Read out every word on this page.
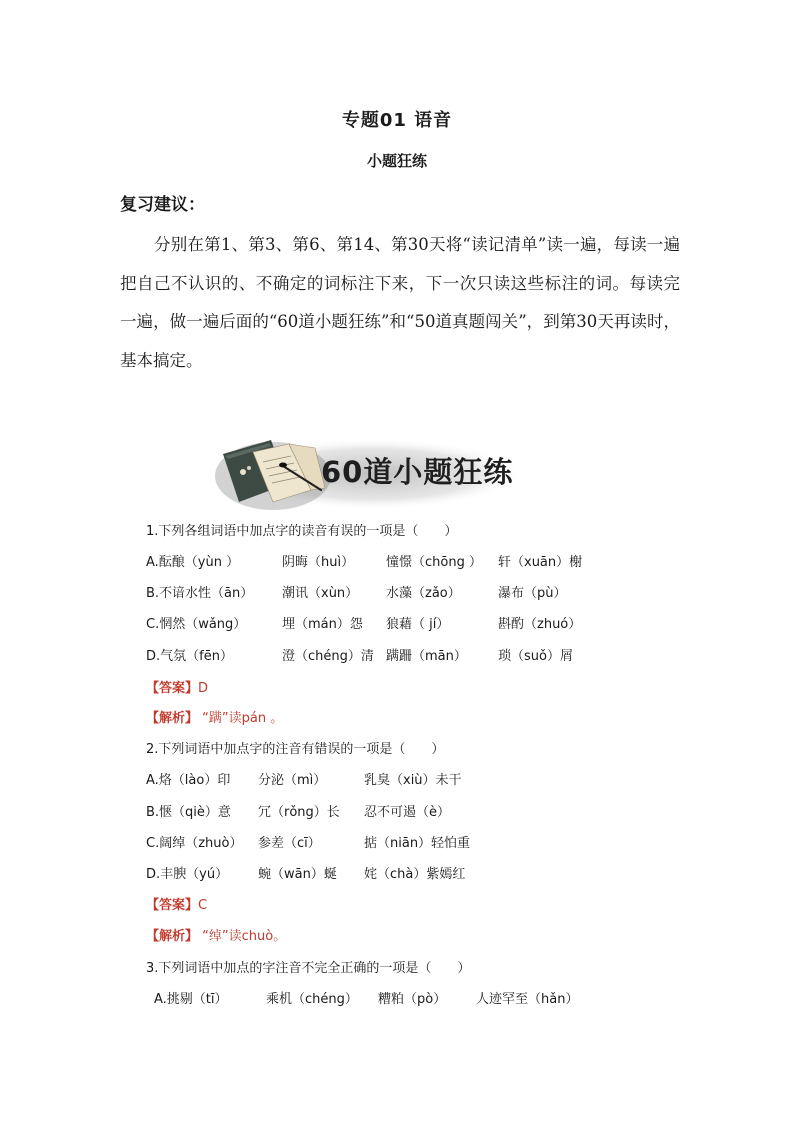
专题01 语音
小题狂练
复习建议：
分别在第1、第3、第6、第14、第30天将“读记清单”读一遍，每读一遍把自己不认识的、不确定的词标注下来，下一次只读这些标注的词。每读完一遍，做一遍后面的“60道小题狂练”和“50道真题闯关”，到第30天再读时，基本搞定。
60道小题狂练
1.下列各组词语中加点字的读音有误的一项是（　　）
A.酝酿（yùn ）	阴晦（huì） 憧憬（chōng ） 轩（xuān）榭
B.不谙水性（ān） 潮讯（xùn） 水藻（zǎo）	瀑布（pù）
C.惘然（wǎng）	埋（mán）怨 狼藉（ jí）	斟酌（zhuó）
D.气氛（fēn）	澄（chéng）清 蹒跚（mān） 琐（suǒ）屑
【答案】D
【解析】 “蹒”读pán 。
2.下列词语中加点字的注音有错误的一项是（　　）
A.烙（lào）印 分泌（mì）	乳臭（xiù）未干
B.惬（qiè）意 冗（rǒng）长 忍不可遏（è）
C.阔绰（zhuò） 参差（cī）	掂（niān）轻怕重
D.丰腴（yú） 蜿（wān）蜒 姹（chà）紫嫣红
【答案】C
【解析】 “绰”读chuò。
3.下列词语中加点的字注音不完全正确的一项是（　　）
A.挑剔（tī）	乘机（chéng） 糟粕（pò） 人迹罕至（hǎn）
